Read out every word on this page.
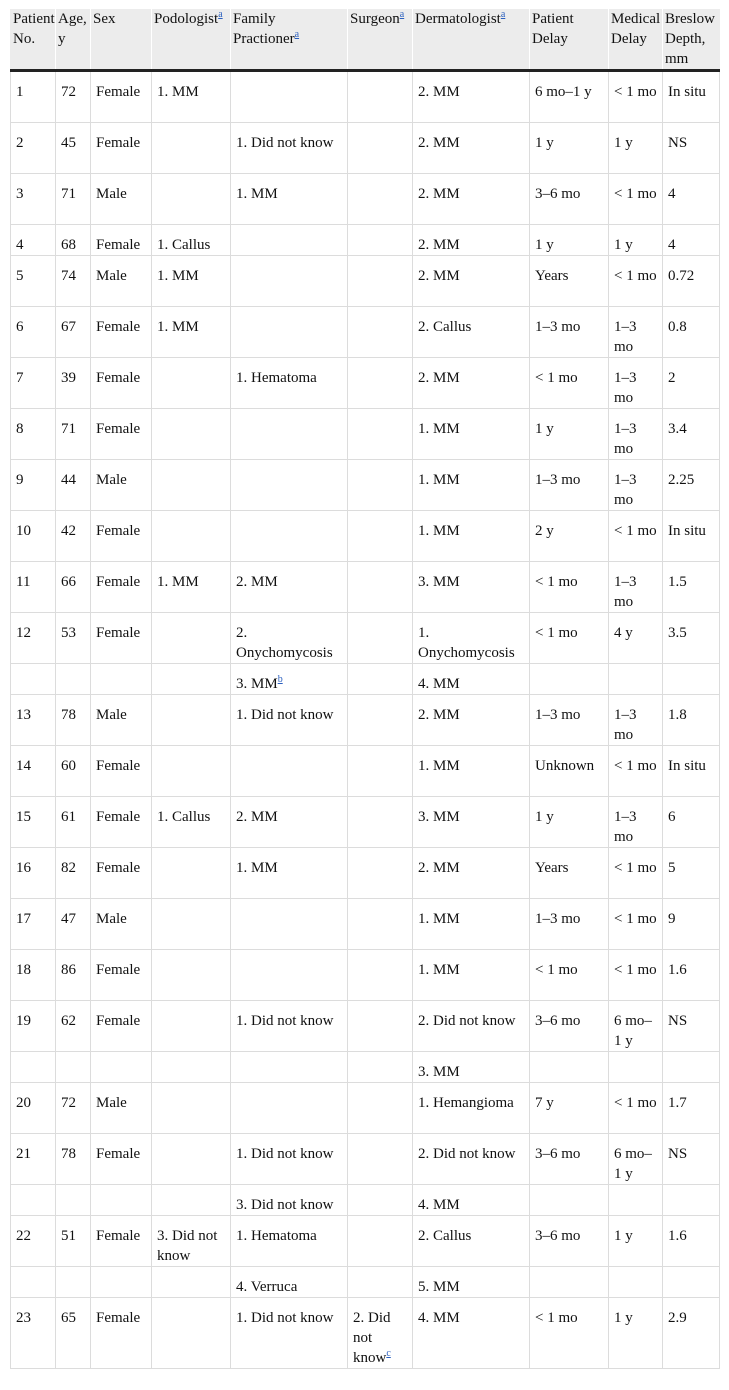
Patient No.	Age, y	Sex	Podologist$^a$	Family Practioner$^a$	Surgeon$^a$	Dermatologist$^a$	Patient Delay	Medical Delay	Breslow Depth, mm
1	72	Female	1. MM			2. MM	6 mo–1 y	< 1 mo	In situ
2	45	Female		1. Did not know		2. MM	1 y	1 y	NS
3	71	Male		1. MM		2. MM	3–6 mo	< 1 mo	4
4	68	Female	1. Callus			2. MM	1 y	1 y	4
5	74	Male	1. MM			2. MM	Years	< 1 mo	0.72
6	67	Female	1. MM			2. Callus	1–3 mo	1–3 mo	0.8
7	39	Female		1. Hematoma		2. MM	< 1 mo	1–3 mo	2
8	71	Female				1. MM	1 y	1–3 mo	3.4
9	44	Male				1. MM	1–3 mo	1–3 mo	2.25
10	42	Female				1. MM	2 y	< 1 mo	In situ
11	66	Female	1. MM	2. MM		3. MM	< 1 mo	1–3 mo	1.5
12	53	Female		2. Onychomycosis		1. Onychomycosis	< 1 mo	4 y	3.5
				3. MM$^b$		4. MM			
13	78	Male		1. Did not know		2. MM	1–3 mo	1–3 mo	1.8
14	60	Female				1. MM	Unknown	< 1 mo	In situ
15	61	Female	1. Callus	2. MM		3. MM	1 y	1–3 mo	6
16	82	Female		1. MM		2. MM	Years	< 1 mo	5
17	47	Male				1. MM	1–3 mo	< 1 mo	9
18	86	Female				1. MM	< 1 mo	< 1 mo	1.6
19	62	Female		1. Did not know		2. Did not know	3–6 mo	6 mo–1 y	NS
						3. MM			
20	72	Male				1. Hemangioma	7 y	< 1 mo	1.7
21	78	Female		1. Did not know		2. Did not know	3–6 mo	6 mo–1 y	NS
				3. Did not know		4. MM			
22	51	Female	3. Did not know	1. Hematoma		2. Callus	3–6 mo	1 y	1.6
				4. Verruca		5. MM			
23	65	Female		1. Did not know	2. Did not know$^c$	4. MM	< 1 mo	1 y	2.9
